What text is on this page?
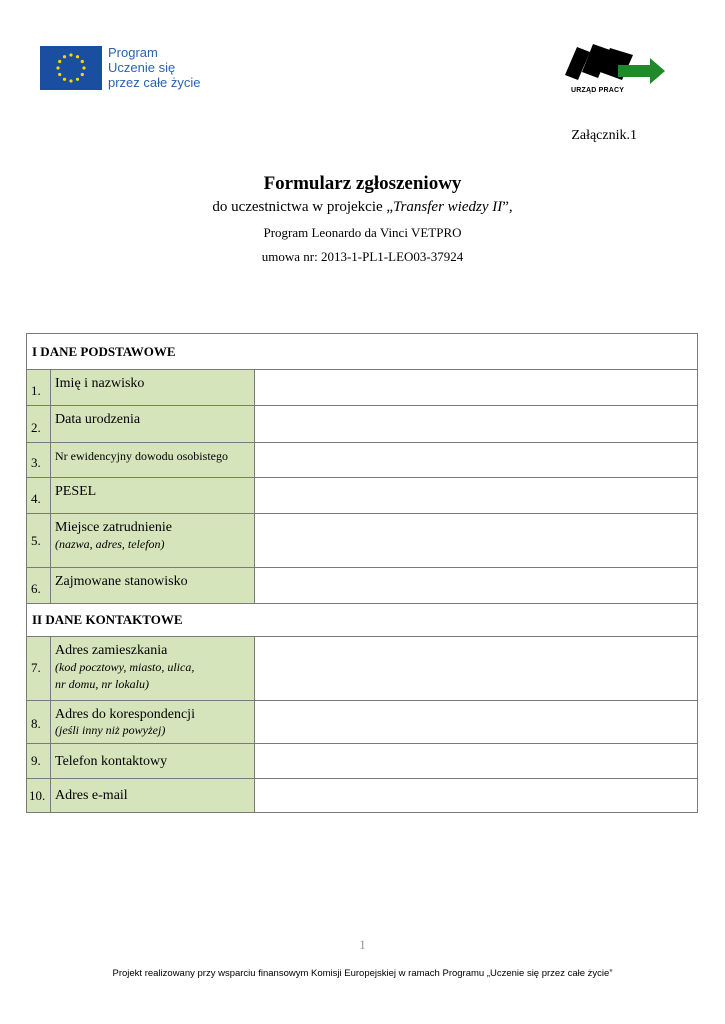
Program
Uczenie się
przez całe życie
URZĄD PRACY
Załącznik.1
Formularz zgłoszeniowy
do uczestnictwa w projekcie „Transfer wiedzy II”,
Program Leonardo da Vinci VETPRO
umowa nr: 2013-1-PL1-LEO03-37924
I DANE PODSTAWOWE		

1.	Imię i nazwisko	

2.	Data urodzenia	

3.	Nr ewidencyjny dowodu osobistego	

4.	PESEL	

5.	Miejsce zatrudnienie
(nazwa, adres, telefon)	

6.	Zajmowane stanowisko	

II DANE KONTAKTOWE		

7.	Adres zamieszkania
(kod pocztowy, miasto, ulica,
nr domu, nr lokalu)	

8.	Adres do korespondencji
(jeśli inny niż powyżej)	

9.	Telefon kontaktowy	

10.	Adres e-mail	

1
Projekt realizowany przy wsparciu finansowym Komisji Europejskiej w ramach Programu „Uczenie się przez całe życie”
